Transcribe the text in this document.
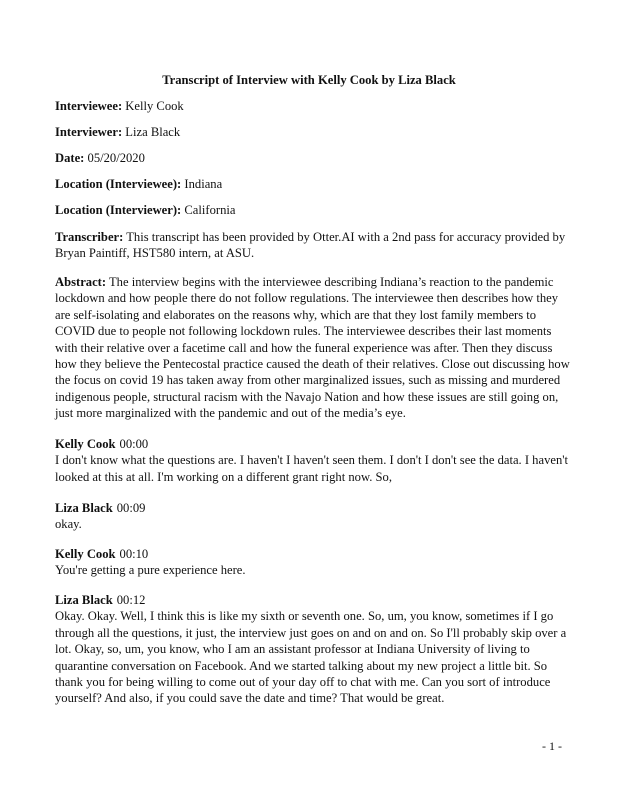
Transcript of Interview with Kelly Cook by Liza Black
Interviewee: Kelly Cook
Interviewer: Liza Black
Date: 05/20/2020
Location (Interviewee): Indiana
Location (Interviewer): California
Transcriber: This transcript has been provided by Otter.AI with a 2nd pass for accuracy provided by Bryan Paintiff, HST580 intern, at ASU.
Abstract: The interview begins with the interviewee describing Indiana’s reaction to the pandemic lockdown and how people there do not follow regulations. The interviewee then describes how they are self-isolating and elaborates on the reasons why, which are that they lost family members to COVID due to people not following lockdown rules. The interviewee describes their last moments with their relative over a facetime call and how the funeral experience was after. Then they discuss how they believe the Pentecostal practice caused the death of their relatives. Close out discussing how the focus on covid 19 has taken away from other marginalized issues, such as missing and murdered indigenous people, structural racism with the Navajo Nation and how these issues are still going on, just more marginalized with the pandemic and out of the media’s eye.
Kelly Cook 00:00
I don't know what the questions are. I haven't I haven't seen them. I don't I don't see the data. I haven't looked at this at all. I'm working on a different grant right now. So,
Liza Black 00:09
okay.
Kelly Cook 00:10
You're getting a pure experience here.
Liza Black 00:12
Okay. Okay. Well, I think this is like my sixth or seventh one. So, um, you know, sometimes if I go through all the questions, it just, the interview just goes on and on and on. So I'll probably skip over a lot. Okay, so, um, you know, who I am an assistant professor at Indiana University of living to quarantine conversation on Facebook. And we started talking about my new project a little bit. So thank you for being willing to come out of your day off to chat with me. Can you sort of introduce yourself? And also, if you could save the date and time? That would be great.
- 1 -
